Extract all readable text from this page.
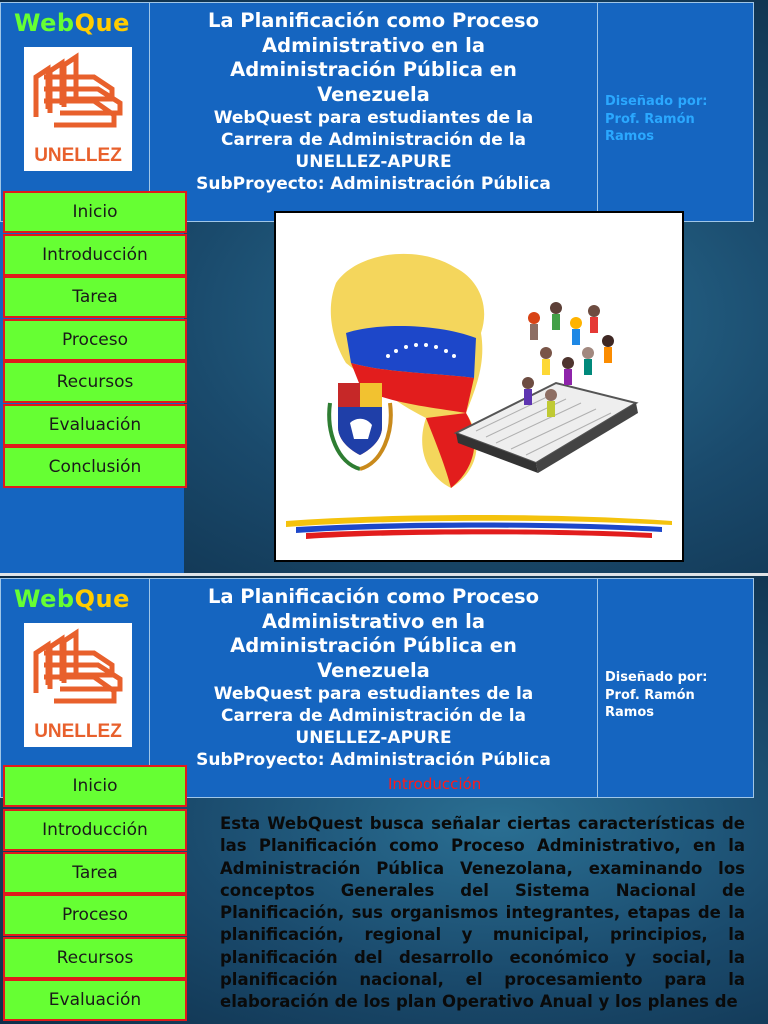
WebQue
UNELLEZ
La Planificación como Proceso
Administrativo en la
Administración Pública en
Venezuela
WebQuest para estudiantes de la
Carrera de Administración de la
UNELLEZ-APURE
SubProyecto: Administración Pública
Diseñado por:
Prof. Ramón
Ramos
Inicio
Introducción
Tarea
Proceso
Recursos
Evaluación
Conclusión
WebQue
UNELLEZ
La Planificación como Proceso
Administrativo en la
Administración Pública en
Venezuela
WebQuest para estudiantes de la
Carrera de Administración de la
UNELLEZ-APURE
SubProyecto: Administración Pública
Diseñado por:
Prof. Ramón
Ramos
Introducción
Inicio
Introducción
Tarea
Proceso
Recursos
Evaluación
Esta WebQuest busca señalar ciertas características de las Planificación como Proceso Administrativo, en la Administración Pública Venezolana, examinando los conceptos Generales del Sistema Nacional de Planificación, sus organismos integrantes, etapas de la planificación, regional y municipal, principios, la planificación del desarrollo económico y social, la planificación nacional, el procesamiento para la elaboración de los plan Operativo Anual y los planes de
